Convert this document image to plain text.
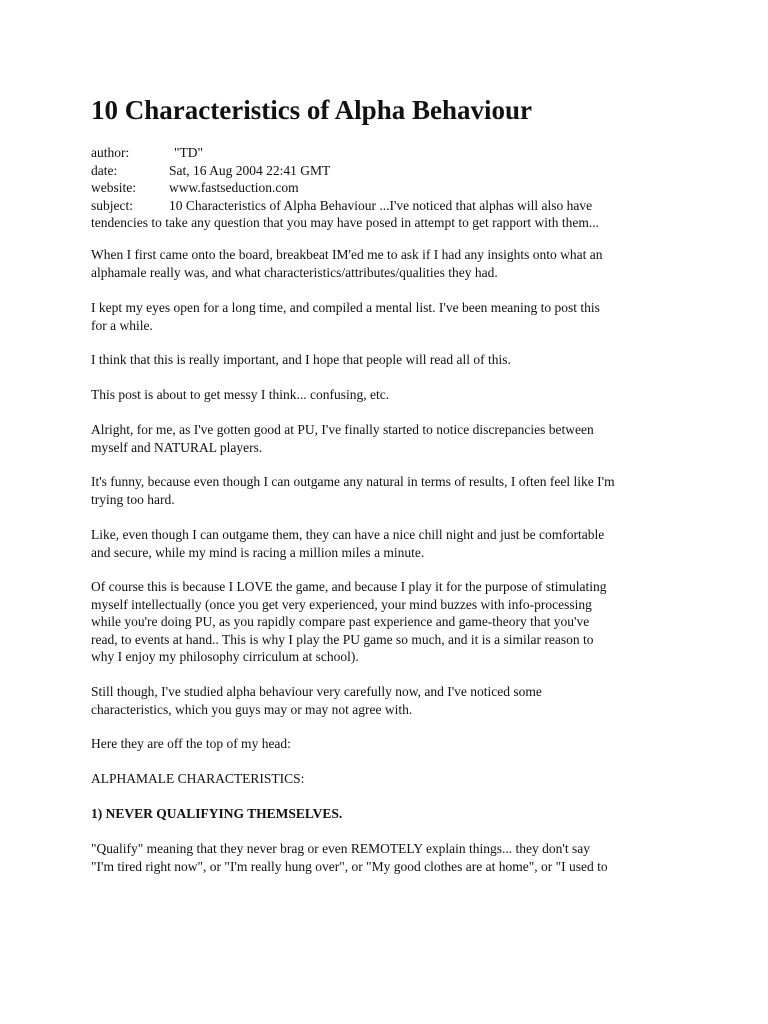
10 Characteristics of Alpha Behaviour
author:	"TD"
date:	Sat, 16 Aug 2004 22:41 GMT
website: www.fastseduction.com
subject:	10 Characteristics of Alpha Behaviour ...I've noticed that alphas will also have
tendencies to take any question that you may have posed in attempt to get rapport with them...
When I first came onto the board, breakbeat IM'ed me to ask if I had any insights onto what an
alphamale really was, and what characteristics/attributes/qualities they had.
I kept my eyes open for a long time, and compiled a mental list. I've been meaning to post this
for a while.
I think that this is really important, and I hope that people will read all of this.
This post is about to get messy I think... confusing, etc.
Alright, for me, as I've gotten good at PU, I've finally started to notice discrepancies between
myself and NATURAL players.
It's funny, because even though I can outgame any natural in terms of results, I often feel like I'm
trying too hard.
Like, even though I can outgame them, they can have a nice chill night and just be comfortable
and secure, while my mind is racing a million miles a minute.
Of course this is because I LOVE the game, and because I play it for the purpose of stimulating
myself intellectually (once you get very experienced, your mind buzzes with info-processing
while you're doing PU, as you rapidly compare past experience and game-theory that you've
read, to events at hand.. This is why I play the PU game so much, and it is a similar reason to
why I enjoy my philosophy cirriculum at school).
Still though, I've studied alpha behaviour very carefully now, and I've noticed some
characteristics, which you guys may or may not agree with.
Here they are off the top of my head:
ALPHAMALE CHARACTERISTICS:
1) NEVER QUALIFYING THEMSELVES.
"Qualify" meaning that they never brag or even REMOTELY explain things... they don't say
"I'm tired right now", or "I'm really hung over", or "My good clothes are at home", or "I used to
